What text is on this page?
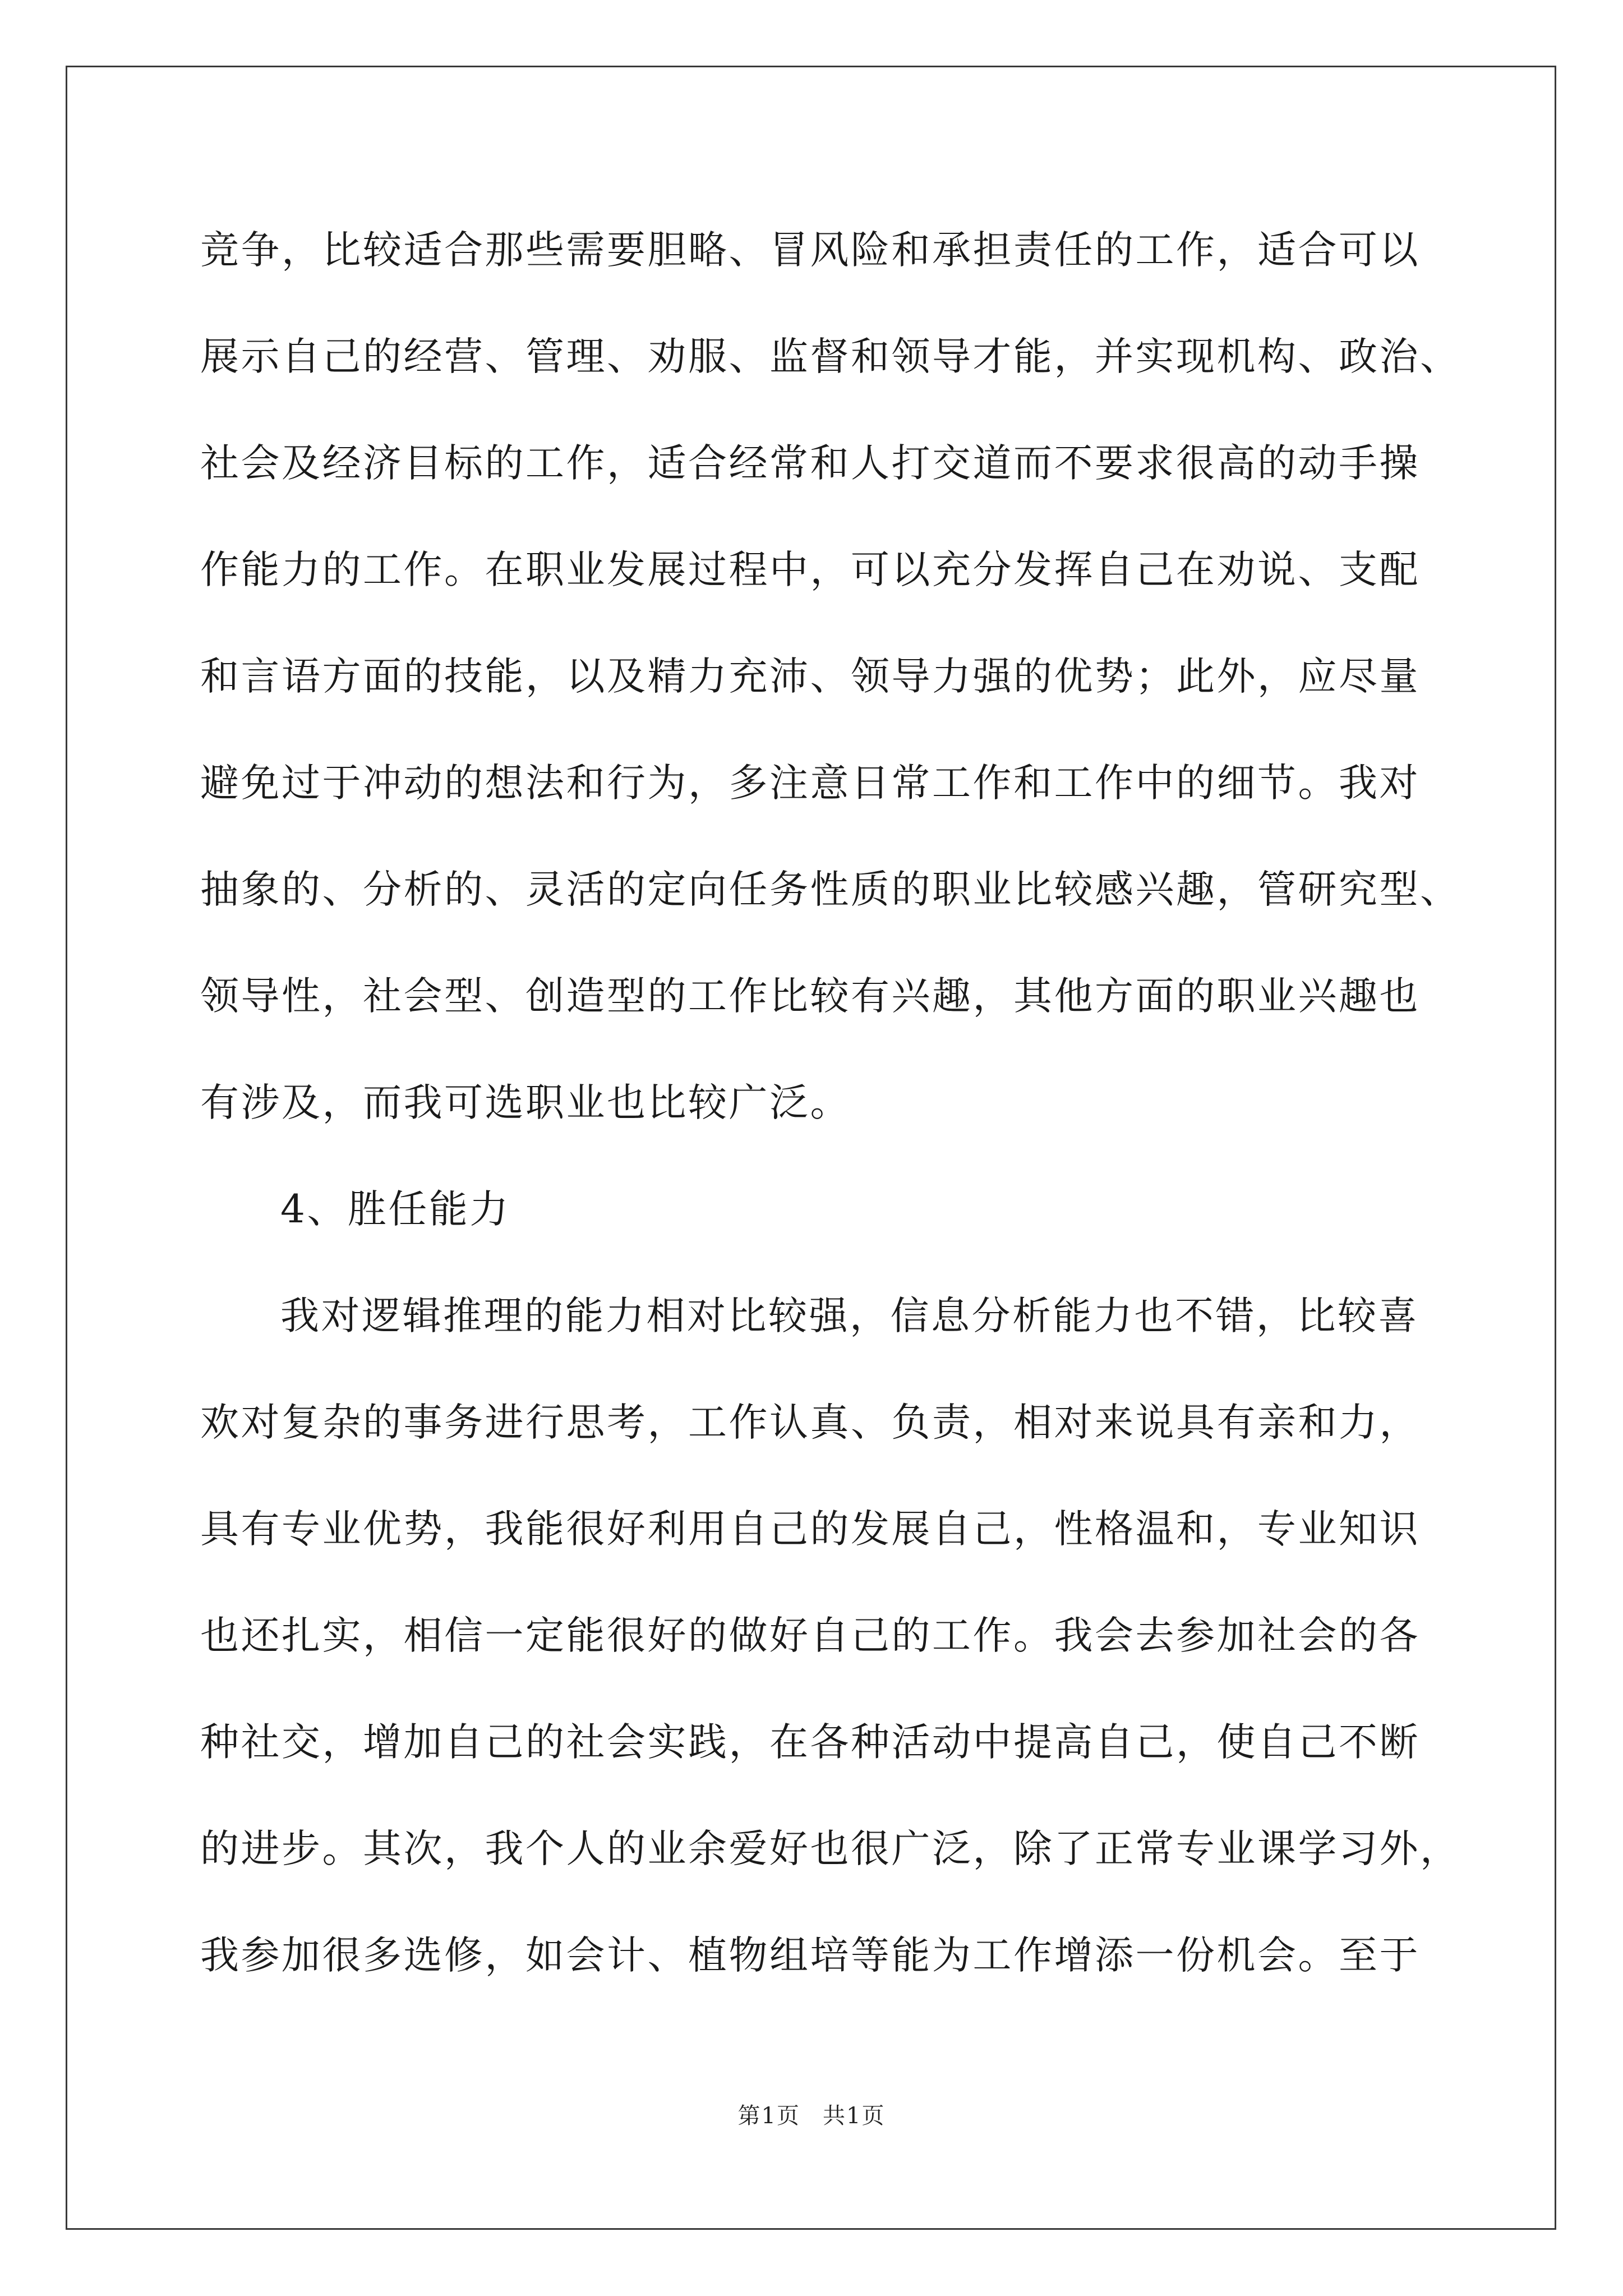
竞争，比较适合那些需要胆略、冒风险和承担责任的工作，适合可以
展示自己的经营、管理、劝服、监督和领导才能，并实现机构、政治、
社会及经济目标的工作，适合经常和人打交道而不要求很高的动手操
作能力的工作。在职业发展过程中，可以充分发挥自己在劝说、支配
和言语方面的技能，以及精力充沛、领导力强的优势；此外，应尽量
避免过于冲动的想法和行为，多注意日常工作和工作中的细节。我对
抽象的、分析的、灵活的定向任务性质的职业比较感兴趣，管研究型、
领导性，社会型、创造型的工作比较有兴趣，其他方面的职业兴趣也
有涉及，而我可选职业也比较广泛。
4、胜任能力
我对逻辑推理的能力相对比较强，信息分析能力也不错，比较喜
欢对复杂的事务进行思考，工作认真、负责，相对来说具有亲和力，
具有专业优势，我能很好利用自己的发展自己，性格温和，专业知识
也还扎实，相信一定能很好的做好自己的工作。我会去参加社会的各
种社交，增加自己的社会实践，在各种活动中提高自己，使自己不断
的进步。其次，我个人的业余爱好也很广泛，除了正常专业课学习外，
我参加很多选修，如会计、植物组培等能为工作增添一份机会。至于
第1页 共1页
